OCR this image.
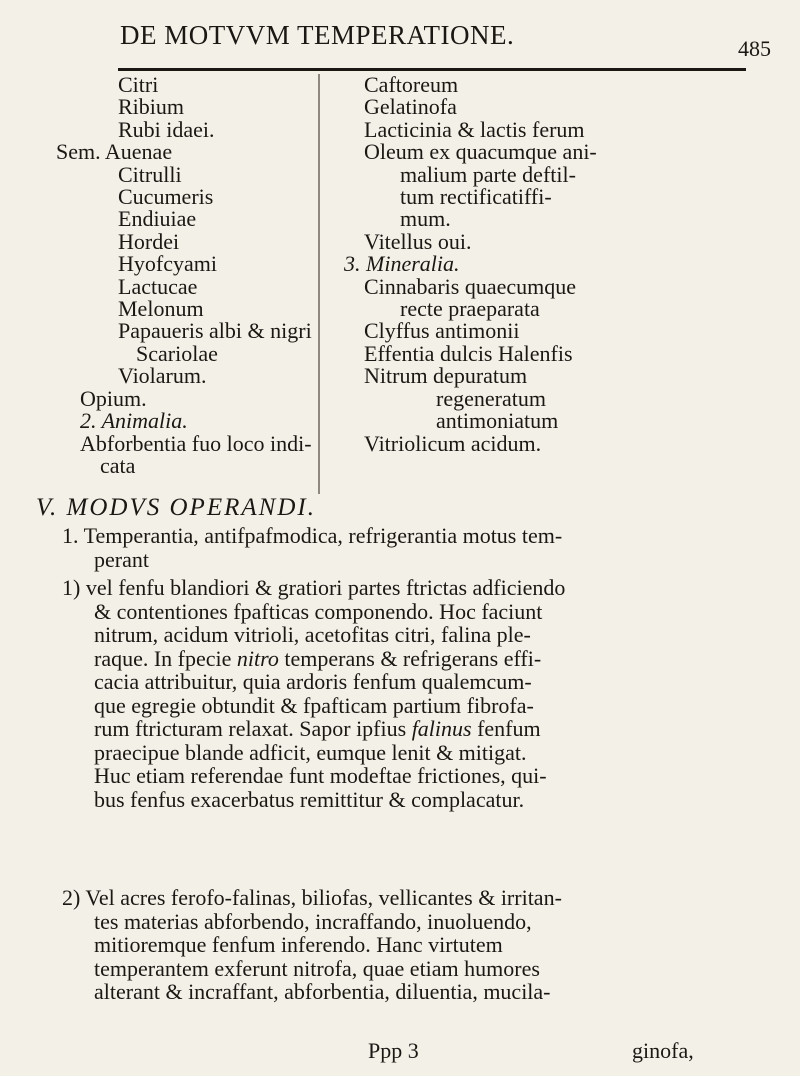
DE MOTVVM TEMPERATIONE.	485
Citri
Ribium
Rubi idaei.
Sem. Auenae
Citrulli
Cucumeris
Endiuiae
Hordei
Hyofcyami
Lactucae
Melonum
Papaueris albi & nigri
Scariolae
Violarum.
Opium.
2. Animalia.
Abforbentia fuo loco indi-
cata
Caftoreum
Gelatinofa
Lacticinia & lactis ferum
Oleum ex quacumque ani-
malium parte deftil-
tum rectificatiffi-
mum.
Vitellus oui.
3. Mineralia.
Cinnabaris quaecumque
recte praeparata
Clyffus antimonii
Effentia dulcis Halenfis
Nitrum depuratum
regeneratum
antimoniatum
Vitriolicum acidum.
V. MODVS OPERANDI.
1. Temperantia, antifpafmodica, refrigerantia motus tem-
perant
1) vel fenfu blandiori & gratiori partes ftrictas adficiendo
& contentiones fpafticas componendo. Hoc faciunt
nitrum, acidum vitrioli, acetofitas citri, falina ple-
raque. In fpecie nitro temperans & refrigerans effi-
cacia attribuitur, quia ardoris fenfum qualemcum-
que egregie obtundit & fpafticam partium fibrofa-
rum ftricturam relaxat. Sapor ipfius falinus fenfum
praecipue blande adficit, eumque lenit & mitigat.
Huc etiam referendae funt modeftae frictiones, qui-
bus fenfus exacerbatus remittitur & complacatur.
2) Vel acres ferofo-falinas, biliofas, vellicantes & irritan-
tes materias abforbendo, incraffando, inuoluendo,
mitioremque fenfum inferendo. Hanc virtutem
temperantem exferunt nitrofa, quae etiam humores
alterant & incraffant, abforbentia, diluentia, mucila-
Ppp 3	ginofa,
